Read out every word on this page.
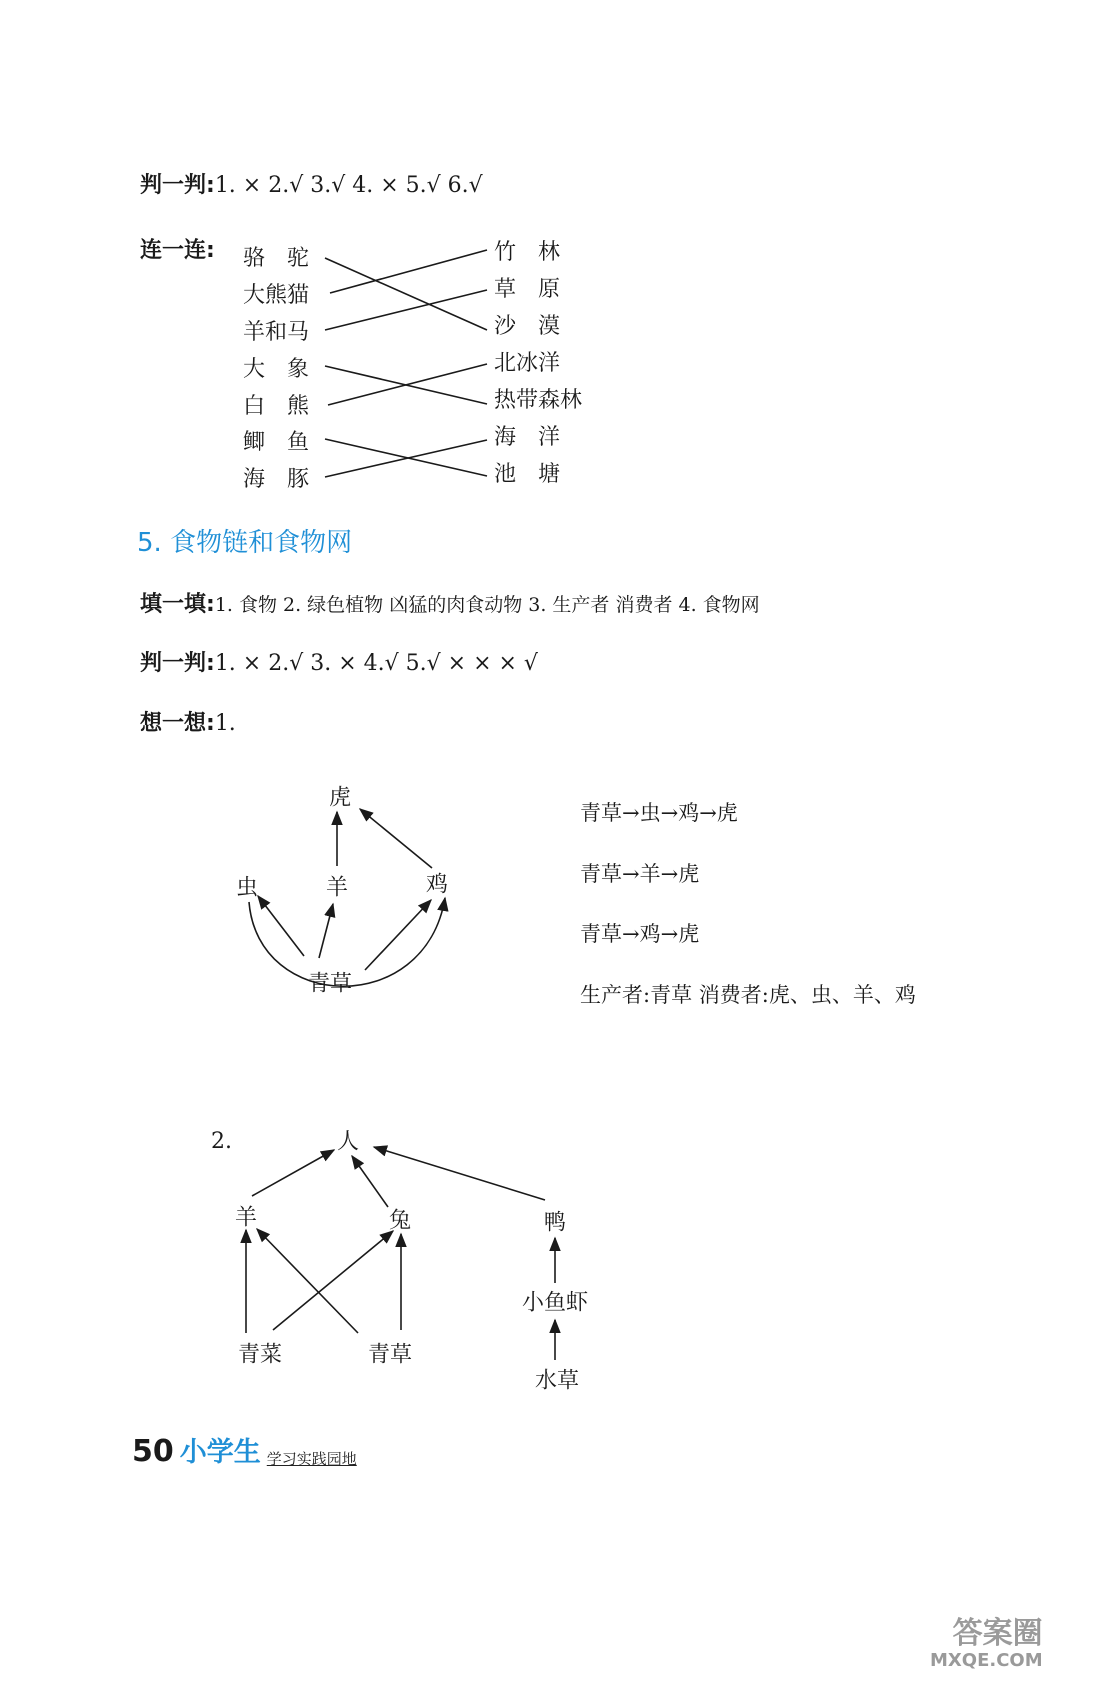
判一判:1. × 2.√ 3.√ 4. × 5.√ 6.√
连一连: 骆　驼
大熊猫
羊和马
大　象
白　熊
鲫　鱼
海　豚
竹　林
草　原
沙　漠
北冰洋
热带森林
海　洋
池　塘
5. 食物链和食物网
填一填:1. 食物 2. 绿色植物 凶猛的肉食动物 3. 生产者 消费者 4. 食物网
判一判:1. × 2.√ 3. × 4.√ 5.√ × × × √
想一想:1.
虎
虫	羊	鸡
青草
青草→虫→鸡→虎
青草→羊→虎
青草→鸡→虎
生产者:青草 消费者:虎、虫、羊、鸡
2.	人
羊	兔	鸭
小鱼虾
青菜	青草
水草
50 小学生 学习实践园地
答案圈
MXQE.COM
